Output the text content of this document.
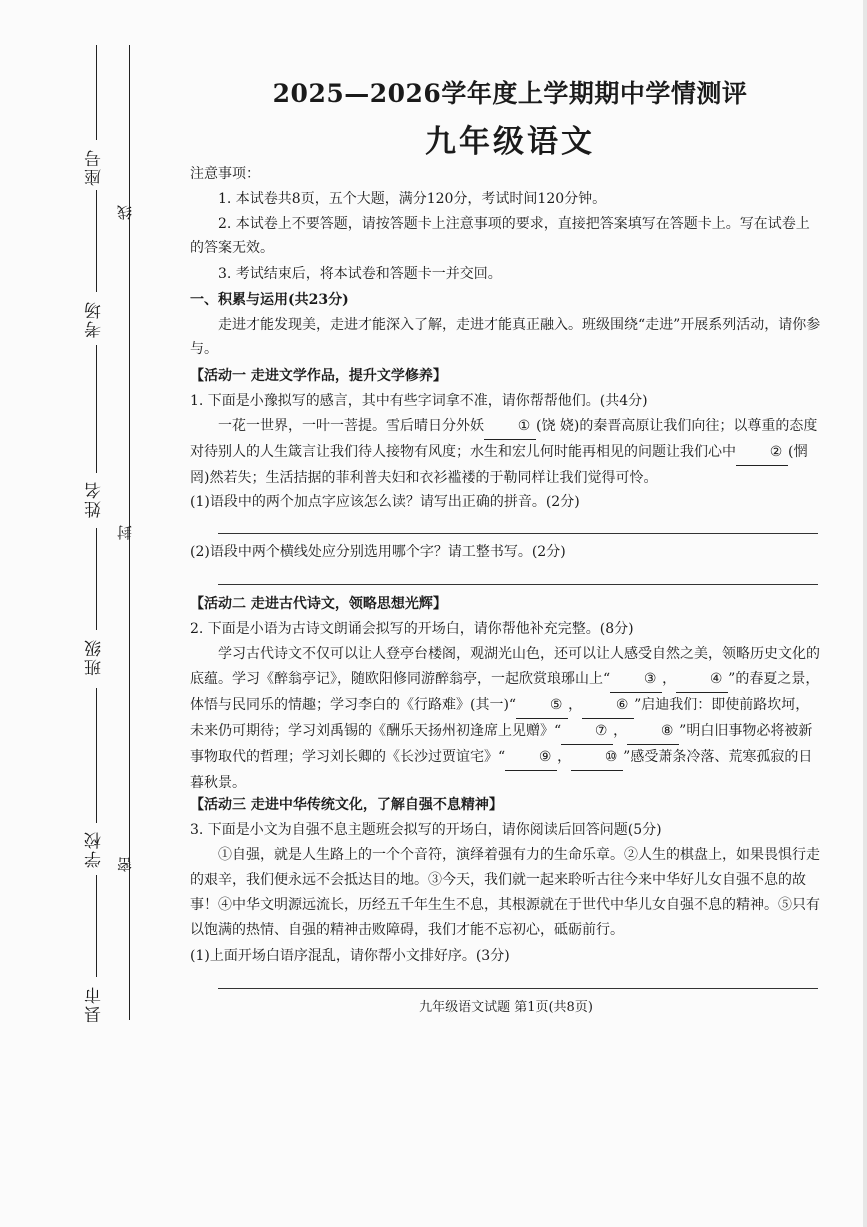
座号
考场
姓名
班级
学校
县市
线
封
密
2025—2026学年度上学期期中学情测评
九年级语文
注意事项：
1. 本试卷共8页，五个大题，满分120分，考试时间120分钟。
2. 本试卷上不要答题，请按答题卡上注意事项的要求，直接把答案填写在答题卡上。写在试卷上的答案无效。
3. 考试结束后，将本试卷和答题卡一并交回。
一、积累与运用(共23分)
走进才能发现美，走进才能深入了解，走进才能真正融入。班级围绕“走进”开展系列活动，请你参与。
【活动一 走进文学作品，提升文学修养】
1. 下面是小豫拟写的感言，其中有些字词拿不准，请你帮帮他们。(共4分)
一花一世界，一叶一菩提。雪后晴日分外妖 ① (饶 娆)的秦晋高原让我们向往；以尊重的态度对待别人的人生箴言让我们待人接物有风度；水生和宏儿何时能再相见的问题让我们心中 ② (惘 罔)然若失；生活拮据的菲利普夫妇和衣衫褴褛的于勒同样让我们觉得可怜。
(1)语段中的两个加点字应该怎么读？请写出正确的拼音。(2分)
(2)语段中两个横线处应分别选用哪个字？请工整书写。(2分)
【活动二 走进古代诗文，领略思想光辉】
2. 下面是小语为古诗文朗诵会拟写的开场白，请你帮他补充完整。(8分)
学习古代诗文不仅可以让人登亭台楼阁，观湖光山色，还可以让人感受自然之美，领略历史文化的底蕴。学习《醉翁亭记》，随欧阳修同游醉翁亭，一起欣赏琅琊山上“ ③ ， ④ ”的春夏之景，体悟与民同乐的情趣；学习李白的《行路难》(其一)“ ⑤ ， ⑥ ”启迪我们：即使前路坎坷，未来仍可期待；学习刘禹锡的《酬乐天扬州初逢席上见赠》“ ⑦ ， ⑧ ”明白旧事物必将被新事物取代的哲理；学习刘长卿的《长沙过贾谊宅》“ ⑨ ， ⑩ ”感受萧条冷落、荒寒孤寂的日暮秋景。
【活动三 走进中华传统文化，了解自强不息精神】
3. 下面是小文为自强不息主题班会拟写的开场白，请你阅读后回答问题(5分)
①自强，就是人生路上的一个个音符，演绎着强有力的生命乐章。②人生的棋盘上，如果畏惧行走的艰辛，我们便永远不会抵达目的地。③今天，我们就一起来聆听古往今来中华好儿女自强不息的故事！④中华文明源远流长，历经五千年生生不息，其根源就在于世代中华儿女自强不息的精神。⑤只有以饱满的热情、自强的精神击败障碍，我们才能不忘初心，砥砺前行。
(1)上面开场白语序混乱，请你帮小文排好序。(3分)
九年级语文试题 第1页(共8页)
